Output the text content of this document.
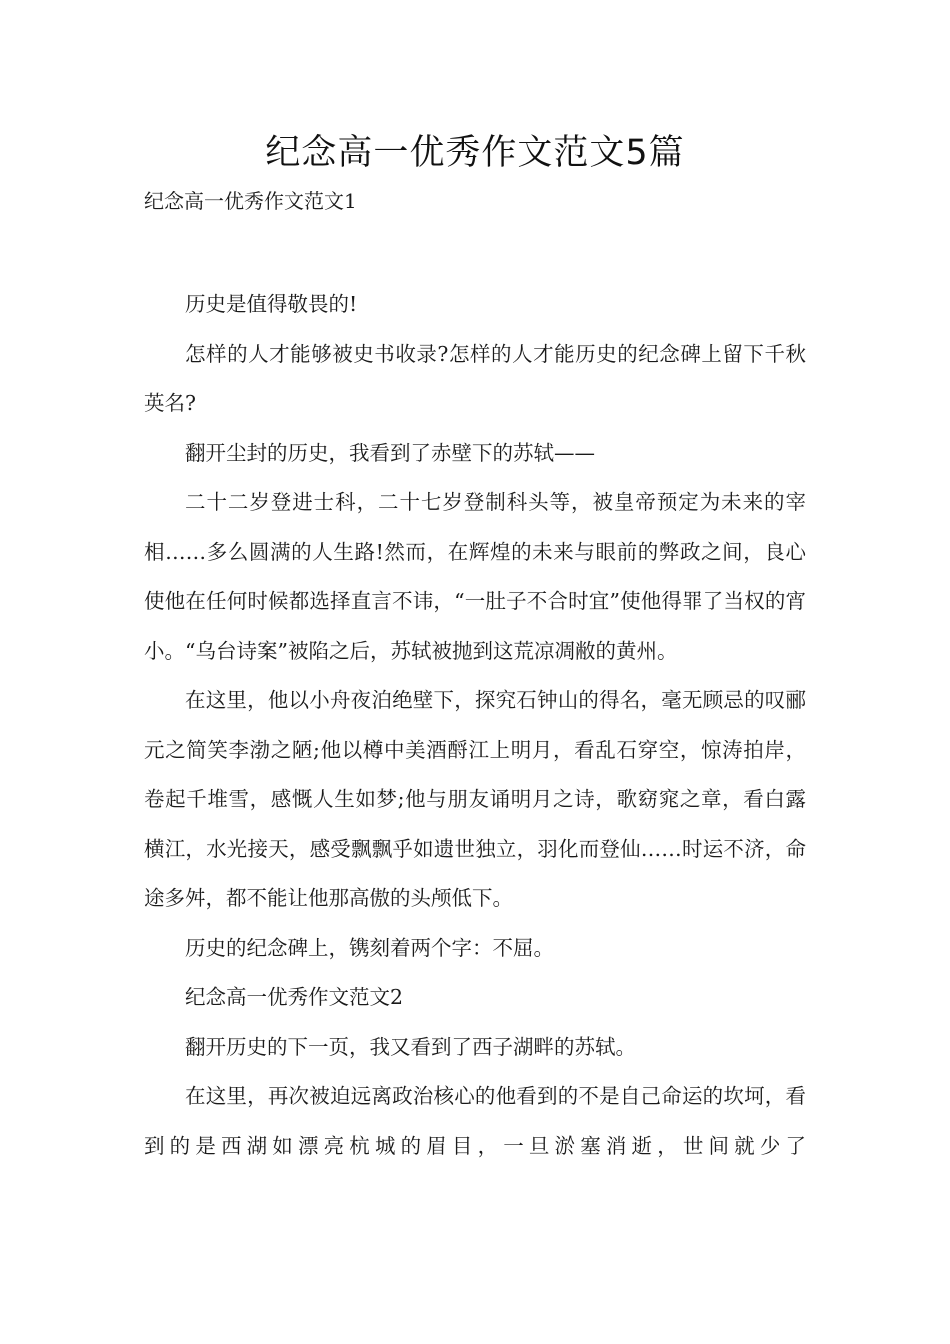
纪念高一优秀作文范文5篇

纪念高一优秀作文范文1

历史是值得敬畏的!

怎样的人才能够被史书收录?怎样的人才能历史的纪念碑上留下千秋英名?

翻开尘封的历史，我看到了赤壁下的苏轼——

二十二岁登进士科，二十七岁登制科头等，被皇帝预定为未来的宰相……多么圆满的人生路!然而，在辉煌的未来与眼前的弊政之间，良心使他在任何时候都选择直言不讳，“一肚子不合时宜”使他得罪了当权的宵小。“乌台诗案”被陷之后，苏轼被抛到这荒凉凋敝的黄州。

在这里，他以小舟夜泊绝壁下，探究石钟山的得名，毫无顾忌的叹郦元之简笑李渤之陋;他以樽中美酒酹江上明月，看乱石穿空，惊涛拍岸，卷起千堆雪，感慨人生如梦;他与朋友诵明月之诗，歌窈窕之章，看白露横江，水光接天，感受飘飘乎如遗世独立，羽化而登仙……时运不济，命途多舛，都不能让他那高傲的头颅低下。

历史的纪念碑上，镌刻着两个字：不屈。

纪念高一优秀作文范文2

翻开历史的下一页，我又看到了西子湖畔的苏轼。

在这里，再次被迫远离政治核心的他看到的不是自己命运的坎坷，看到的是西湖如漂亮杭城的眉目，一旦淤塞消逝，世间就少了
